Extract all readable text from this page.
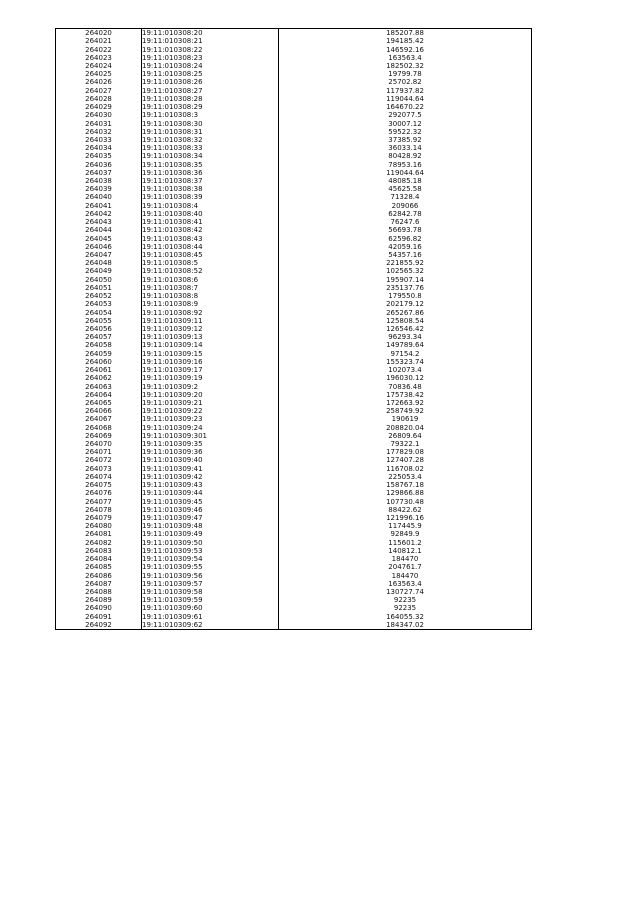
264020	19:11:010308:20	185207.88
264021	19:11:010308:21	194185.42
264022	19:11:010308:22	146592.16
264023	19:11:010308:23	163563.4
264024	19:11:010308:24	182502.32
264025	19:11:010308:25	19799.78
264026	19:11:010308:26	25702.82
264027	19:11:010308:27	117937.82
264028	19:11:010308:28	119044.64
264029	19:11:010308:29	164670.22
264030	19:11:010308:3	292077.5
264031	19:11:010308:30	30007.12
264032	19:11:010308:31	59522.32
264033	19:11:010308:32	37385.92
264034	19:11:010308:33	36033.14
264035	19:11:010308:34	80428.92
264036	19:11:010308:35	78953.16
264037	19:11:010308:36	119044.64
264038	19:11:010308:37	48085.18
264039	19:11:010308:38	45625.58
264040	19:11:010308:39	71328.4
264041	19:11:010308:4	209066
264042	19:11:010308:40	62842.78
264043	19:11:010308:41	76247.6
264044	19:11:010308:42	56693.78
264045	19:11:010308:43	62596.82
264046	19:11:010308:44	42059.16
264047	19:11:010308:45	54357.16
264048	19:11:010308:5	221855.92
264049	19:11:010308:52	102565.32
264050	19:11:010308:6	195907.14
264051	19:11:010308:7	235137.76
264052	19:11:010308:8	179550.8
264053	19:11:010308:9	202179.12
264054	19:11:010308:92	265267.86
264055	19:11:010309:11	125808.54
264056	19:11:010309:12	126546.42
264057	19:11:010309:13	96293.34
264058	19:11:010309:14	149789.64
264059	19:11:010309:15	97154.2
264060	19:11:010309:16	155323.74
264061	19:11:010309:17	102073.4
264062	19:11:010309:19	196030.12
264063	19:11:010309:2	70836.48
264064	19:11:010309:20	175738.42
264065	19:11:010309:21	172663.92
264066	19:11:010309:22	258749.92
264067	19:11:010309:23	190619
264068	19:11:010309:24	208820.04
264069	19:11:010309:301	26809.64
264070	19:11:010309:35	79322.1
264071	19:11:010309:36	177829.08
264072	19:11:010309:40	127407.28
264073	19:11:010309:41	116708.02
264074	19:11:010309:42	225053.4
264075	19:11:010309:43	158767.18
264076	19:11:010309:44	129866.88
264077	19:11:010309:45	107730.48
264078	19:11:010309:46	88422.62
264079	19:11:010309:47	121996.16
264080	19:11:010309:48	117445.9
264081	19:11:010309:49	92849.9
264082	19:11:010309:50	115601.2
264083	19:11:010309:53	140812.1
264084	19:11:010309:54	184470
264085	19:11:010309:55	204761.7
264086	19:11:010309:56	184470
264087	19:11:010309:57	163563.4
264088	19:11:010309:58	130727.74
264089	19:11:010309:59	92235
264090	19:11:010309:60	92235
264091	19:11:010309:61	164055.32
264092	19:11:010309:62	184347.02
